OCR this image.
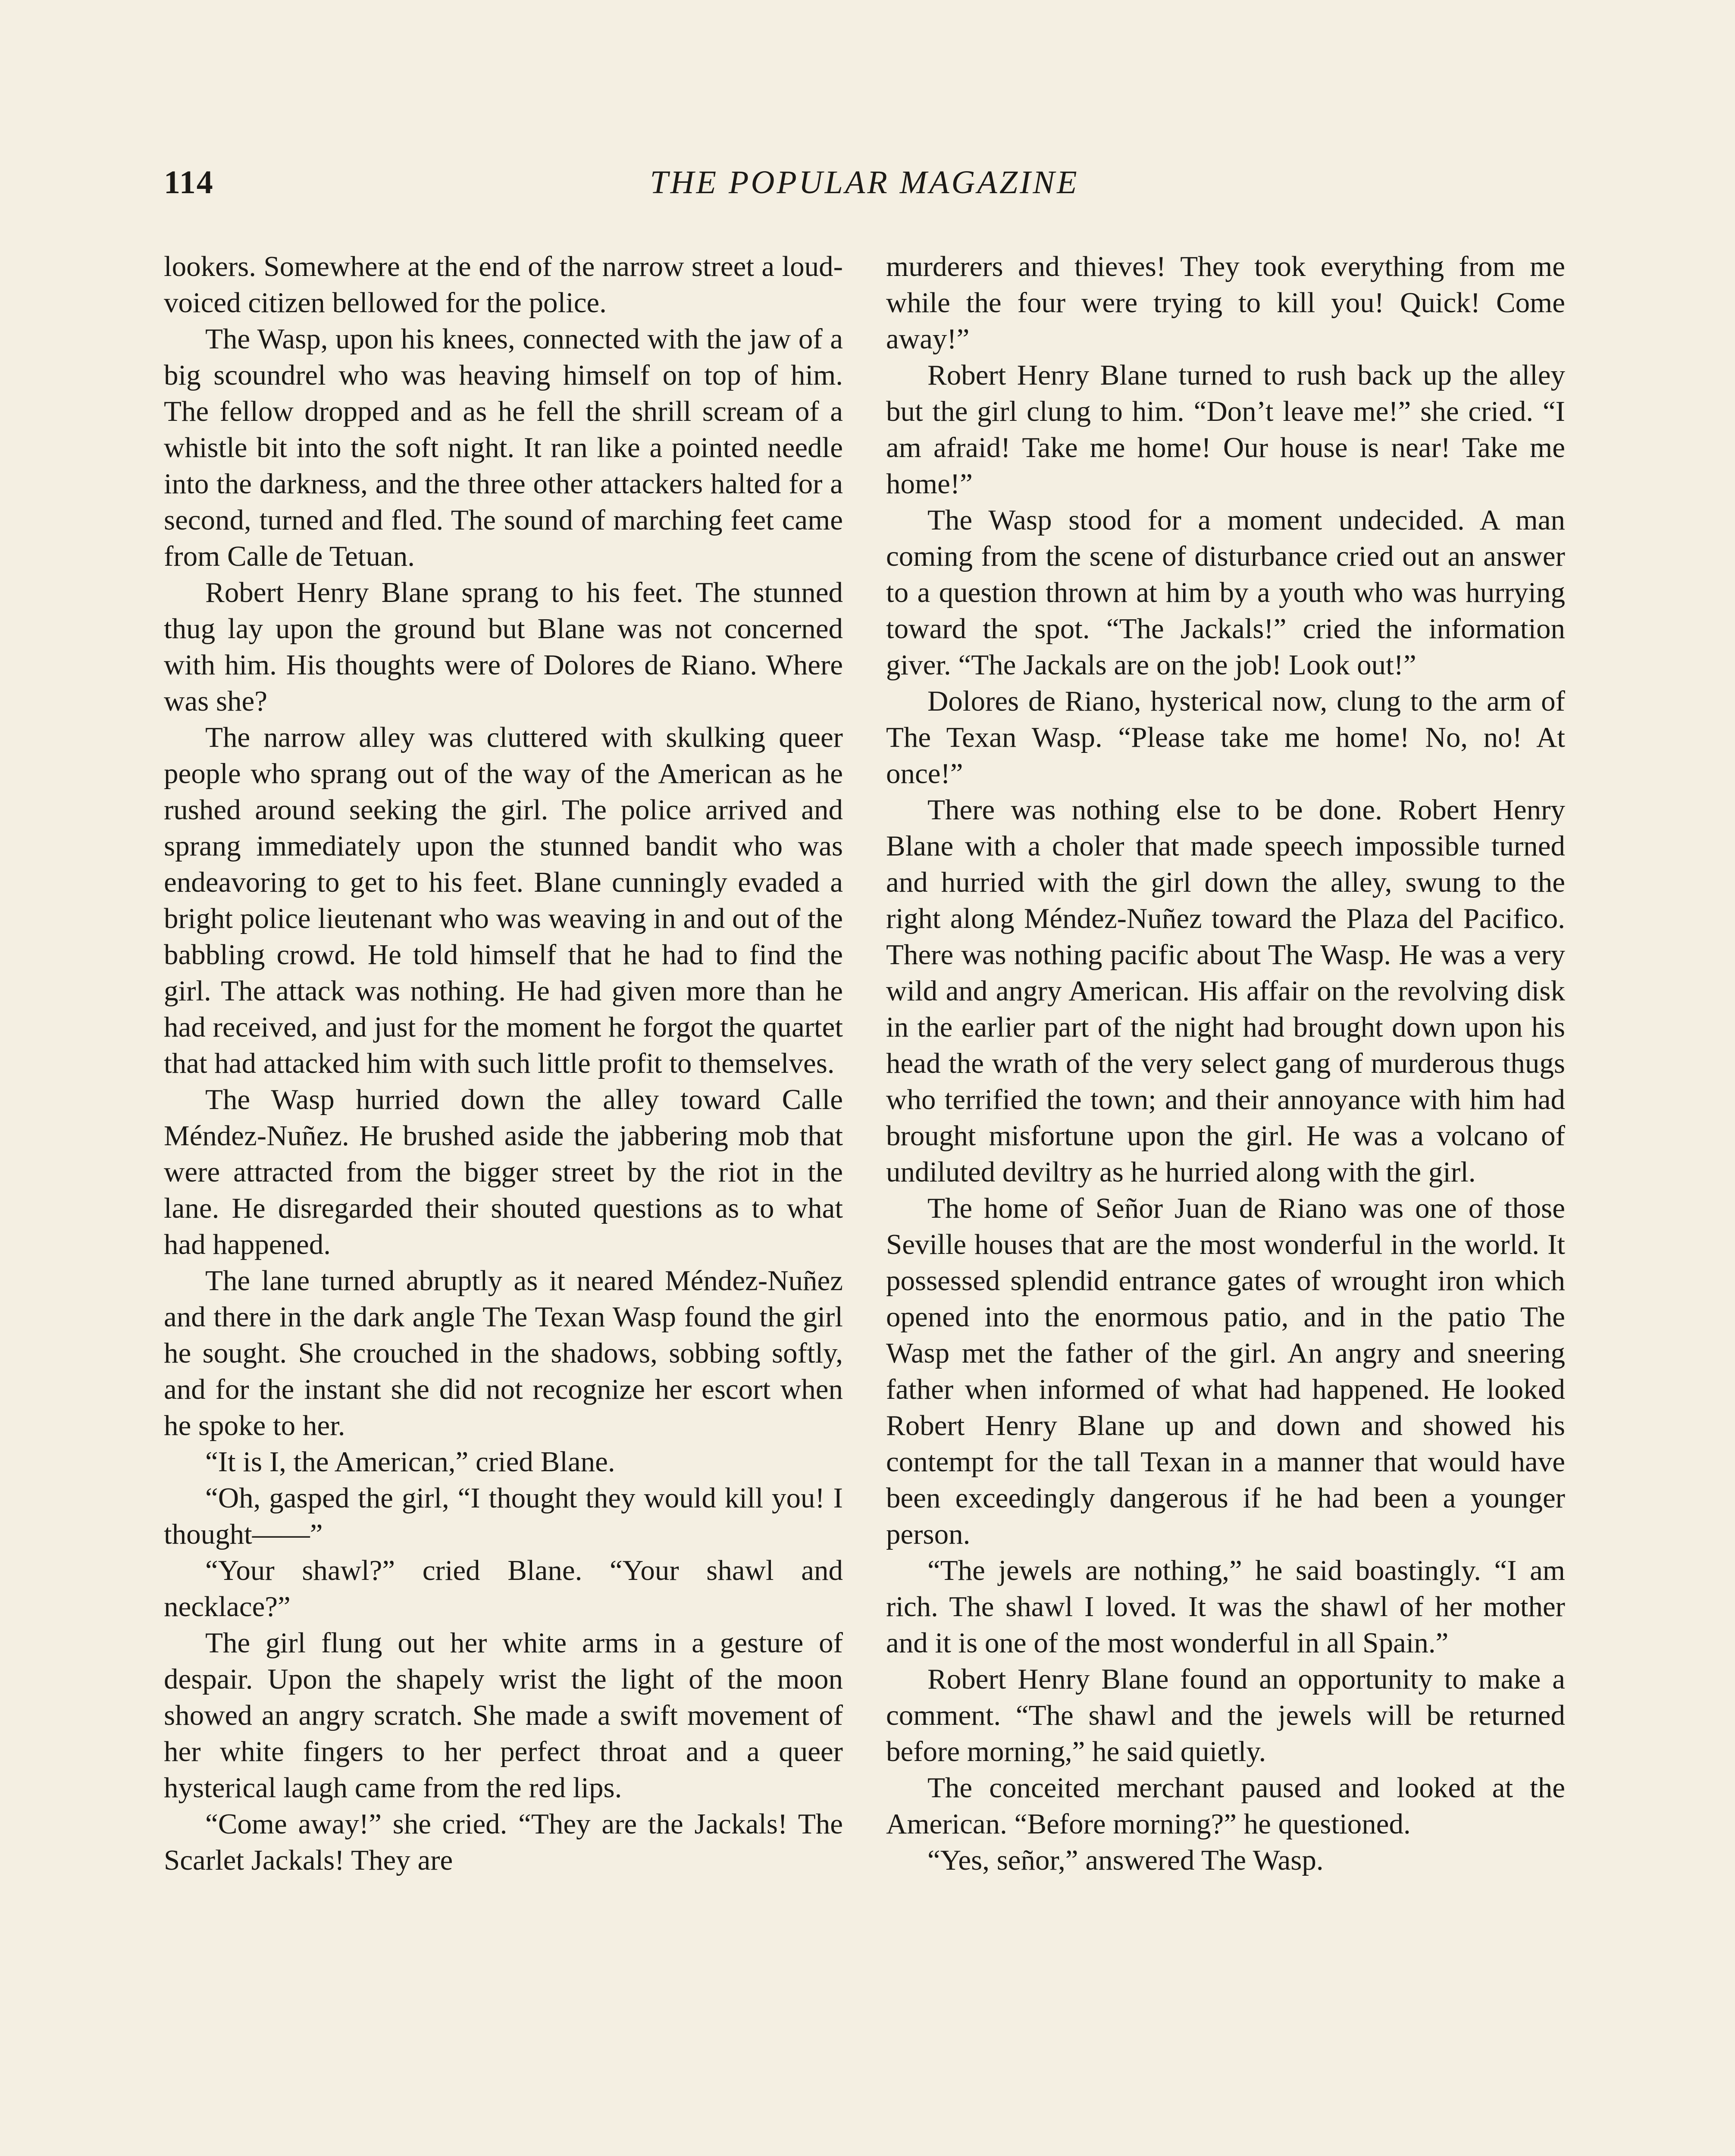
114	THE POPULAR MAGAZINE

lookers. Somewhere at the end of the narrow street a loud-voiced citizen bellowed for the police.

The Wasp, upon his knees, connected with the jaw of a big scoundrel who was heaving himself on top of him. The fellow dropped and as he fell the shrill scream of a whistle bit into the soft night. It ran like a pointed needle into the darkness, and the three other attackers halted for a second, turned and fled. The sound of marching feet came from Calle de Tetuan.

Robert Henry Blane sprang to his feet. The stunned thug lay upon the ground but Blane was not concerned with him. His thoughts were of Dolores de Riano. Where was she?

The narrow alley was cluttered with skulking queer people who sprang out of the way of the American as he rushed around seeking the girl. The police arrived and sprang immediately upon the stunned bandit who was endeavoring to get to his feet. Blane cunningly evaded a bright police lieutenant who was weaving in and out of the babbling crowd. He told himself that he had to find the girl. The attack was nothing. He had given more than he had received, and just for the moment he forgot the quartet that had attacked him with such little profit to themselves.

The Wasp hurried down the alley toward Calle Méndez-Nuñez. He brushed aside the jabbering mob that were attracted from the bigger street by the riot in the lane. He disregarded their shouted questions as to what had happened.

The lane turned abruptly as it neared Méndez-Nuñez and there in the dark angle The Texan Wasp found the girl he sought. She crouched in the shadows, sobbing softly, and for the instant she did not recognize her escort when he spoke to her.

“It is I, the American,” cried Blane.

“Oh, gasped the girl, “I thought they would kill you! I thought——”

“Your shawl?” cried Blane. “Your shawl and necklace?”

The girl flung out her white arms in a gesture of despair. Upon the shapely wrist the light of the moon showed an angry scratch. She made a swift movement of her white fingers to her perfect throat and a queer hysterical laugh came from the red lips.

“Come away!” she cried. “They are the Jackals! The Scarlet Jackals! They are

murderers and thieves! They took everything from me while the four were trying to kill you! Quick! Come away!”

Robert Henry Blane turned to rush back up the alley but the girl clung to him. “Don’t leave me!” she cried. “I am afraid! Take me home! Our house is near! Take me home!”

The Wasp stood for a moment undecided. A man coming from the scene of disturbance cried out an answer to a question thrown at him by a youth who was hurrying toward the spot. “The Jackals!” cried the information giver. “The Jackals are on the job! Look out!”

Dolores de Riano, hysterical now, clung to the arm of The Texan Wasp. “Please take me home! No, no! At once!”

There was nothing else to be done. Robert Henry Blane with a choler that made speech impossible turned and hurried with the girl down the alley, swung to the right along Méndez-Nuñez toward the Plaza del Pacifico. There was nothing pacific about The Wasp. He was a very wild and angry American. His affair on the revolving disk in the earlier part of the night had brought down upon his head the wrath of the very select gang of murderous thugs who terrified the town; and their annoyance with him had brought misfortune upon the girl. He was a volcano of undiluted deviltry as he hurried along with the girl.

The home of Señor Juan de Riano was one of those Seville houses that are the most wonderful in the world. It possessed splendid entrance gates of wrought iron which opened into the enormous patio, and in the patio The Wasp met the father of the girl. An angry and sneering father when informed of what had happened. He looked Robert Henry Blane up and down and showed his contempt for the tall Texan in a manner that would have been exceedingly dangerous if he had been a younger person.

“The jewels are nothing,” he said boastingly. “I am rich. The shawl I loved. It was the shawl of her mother and it is one of the most wonderful in all Spain.”

Robert Henry Blane found an opportunity to make a comment. “The shawl and the jewels will be returned before morning,” he said quietly.

The conceited merchant paused and looked at the American. “Before morning?” he questioned.

“Yes, señor,” answered The Wasp.
